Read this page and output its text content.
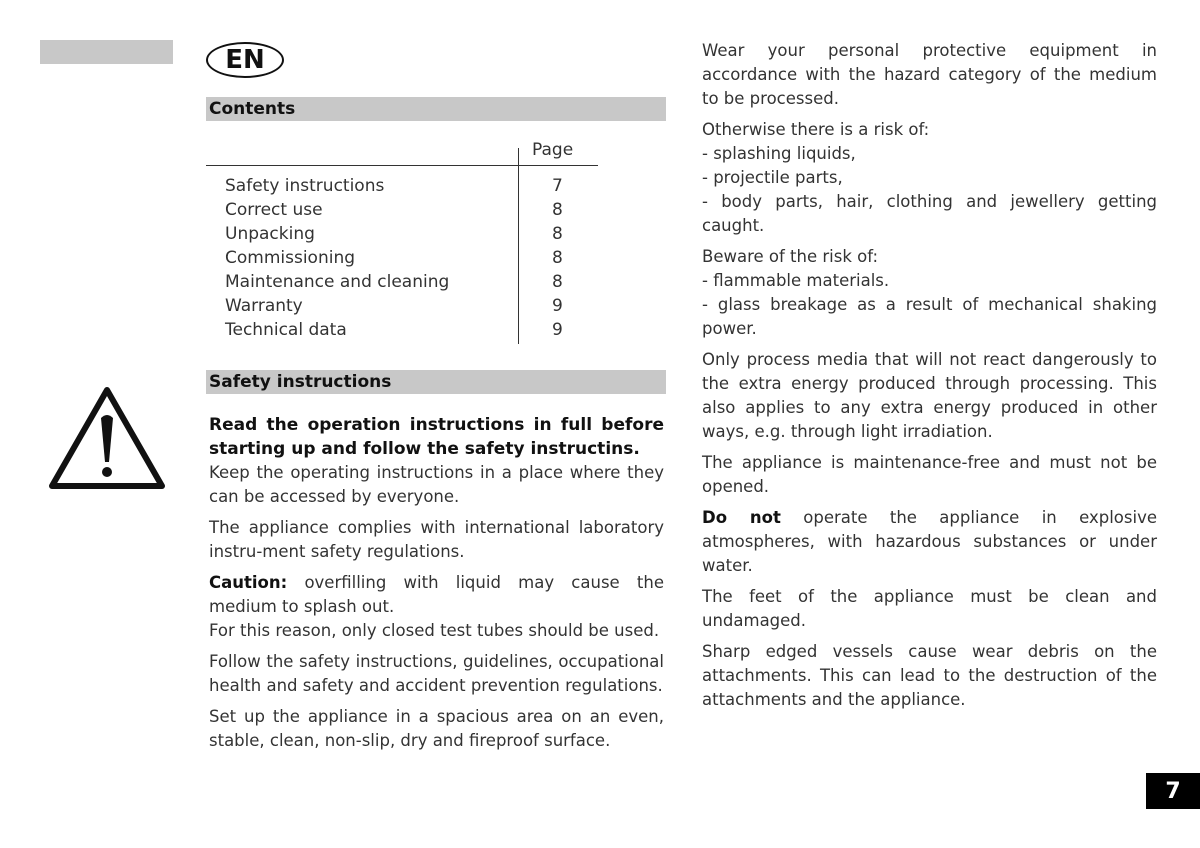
EN
Contents
Page
Safety instructions	7
Correct use	8
Unpacking	8
Commissioning	8
Maintenance and cleaning	8
Warranty	9
Technical data	9
Safety instructions
Read the operation instructions in full before starting up and follow the safety instructins.

Keep the operating instructions in a place where they can be accessed by everyone.

The appliance complies with international laboratory instru-ment safety regulations.

Caution: overfilling with liquid may cause the medium to splash out.

For this reason, only closed test tubes should be used.

Follow the safety instructions, guidelines, occupational health and safety and accident prevention regulations.

Set up the appliance in a spacious area on an even, stable, clean, non-slip, dry and fireproof surface.

Wear your personal protective equipment in accordance with the hazard category of the medium to be processed.

Otherwise there is a risk of:
- splashing liquids,
- projectile parts,

- body parts, hair, clothing and jewellery getting caught.

Beware of the risk of:
- flammable materials.

- glass breakage as a result of mechanical shaking power.

Only process media that will not react dangerously to the extra energy produced through processing. This also applies to any extra energy produced in other ways, e.g. through light irradiation.

The appliance is maintenance-free and must not be opened.

Do not operate the appliance in explosive atmospheres, with hazardous substances or under water.

The feet of the appliance must be clean and undamaged.

Sharp edged vessels cause wear debris on the attachments. This can lead to the destruction of the attachments and the appliance.

7
